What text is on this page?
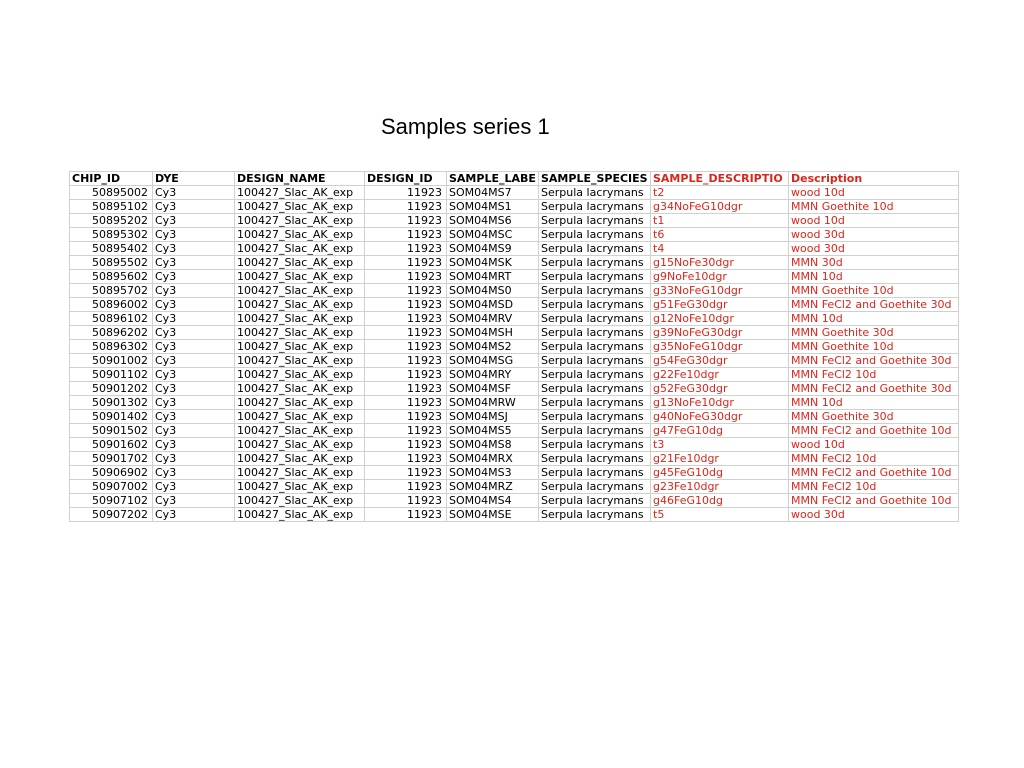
Samples series 1
CHIP_ID	DYE	DESIGN_NAME	DESIGN_ID	SAMPLE_LABE	SAMPLE_SPECIES	SAMPLE_DESCRIPTIO	Description
50895002	Cy3	100427_Slac_AK_exp	11923	SOM04MS7	Serpula lacrymans	t2	wood 10d
50895102	Cy3	100427_Slac_AK_exp	11923	SOM04MS1	Serpula lacrymans	g34NoFeG10dgr	MMN Goethite 10d
50895202	Cy3	100427_Slac_AK_exp	11923	SOM04MS6	Serpula lacrymans	t1	wood 10d
50895302	Cy3	100427_Slac_AK_exp	11923	SOM04MSC	Serpula lacrymans	t6	wood 30d
50895402	Cy3	100427_Slac_AK_exp	11923	SOM04MS9	Serpula lacrymans	t4	wood 30d
50895502	Cy3	100427_Slac_AK_exp	11923	SOM04MSK	Serpula lacrymans	g15NoFe30dgr	MMN 30d
50895602	Cy3	100427_Slac_AK_exp	11923	SOM04MRT	Serpula lacrymans	g9NoFe10dgr	MMN 10d
50895702	Cy3	100427_Slac_AK_exp	11923	SOM04MS0	Serpula lacrymans	g33NoFeG10dgr	MMN Goethite 10d
50896002	Cy3	100427_Slac_AK_exp	11923	SOM04MSD	Serpula lacrymans	g51FeG30dgr	MMN FeCl2 and Goethite 30d
50896102	Cy3	100427_Slac_AK_exp	11923	SOM04MRV	Serpula lacrymans	g12NoFe10dgr	MMN 10d
50896202	Cy3	100427_Slac_AK_exp	11923	SOM04MSH	Serpula lacrymans	g39NoFeG30dgr	MMN Goethite 30d
50896302	Cy3	100427_Slac_AK_exp	11923	SOM04MS2	Serpula lacrymans	g35NoFeG10dgr	MMN Goethite 10d
50901002	Cy3	100427_Slac_AK_exp	11923	SOM04MSG	Serpula lacrymans	g54FeG30dgr	MMN FeCl2 and Goethite 30d
50901102	Cy3	100427_Slac_AK_exp	11923	SOM04MRY	Serpula lacrymans	g22Fe10dgr	MMN FeCl2 10d
50901202	Cy3	100427_Slac_AK_exp	11923	SOM04MSF	Serpula lacrymans	g52FeG30dgr	MMN FeCl2 and Goethite 30d
50901302	Cy3	100427_Slac_AK_exp	11923	SOM04MRW	Serpula lacrymans	g13NoFe10dgr	MMN 10d
50901402	Cy3	100427_Slac_AK_exp	11923	SOM04MSJ	Serpula lacrymans	g40NoFeG30dgr	MMN Goethite 30d
50901502	Cy3	100427_Slac_AK_exp	11923	SOM04MS5	Serpula lacrymans	g47FeG10dg	MMN FeCl2 and Goethite 10d
50901602	Cy3	100427_Slac_AK_exp	11923	SOM04MS8	Serpula lacrymans	t3	wood 10d
50901702	Cy3	100427_Slac_AK_exp	11923	SOM04MRX	Serpula lacrymans	g21Fe10dgr	MMN FeCl2 10d
50906902	Cy3	100427_Slac_AK_exp	11923	SOM04MS3	Serpula lacrymans	g45FeG10dg	MMN FeCl2 and Goethite 10d
50907002	Cy3	100427_Slac_AK_exp	11923	SOM04MRZ	Serpula lacrymans	g23Fe10dgr	MMN FeCl2 10d
50907102	Cy3	100427_Slac_AK_exp	11923	SOM04MS4	Serpula lacrymans	g46FeG10dg	MMN FeCl2 and Goethite 10d
50907202	Cy3	100427_Slac_AK_exp	11923	SOM04MSE	Serpula lacrymans	t5	wood 30d
